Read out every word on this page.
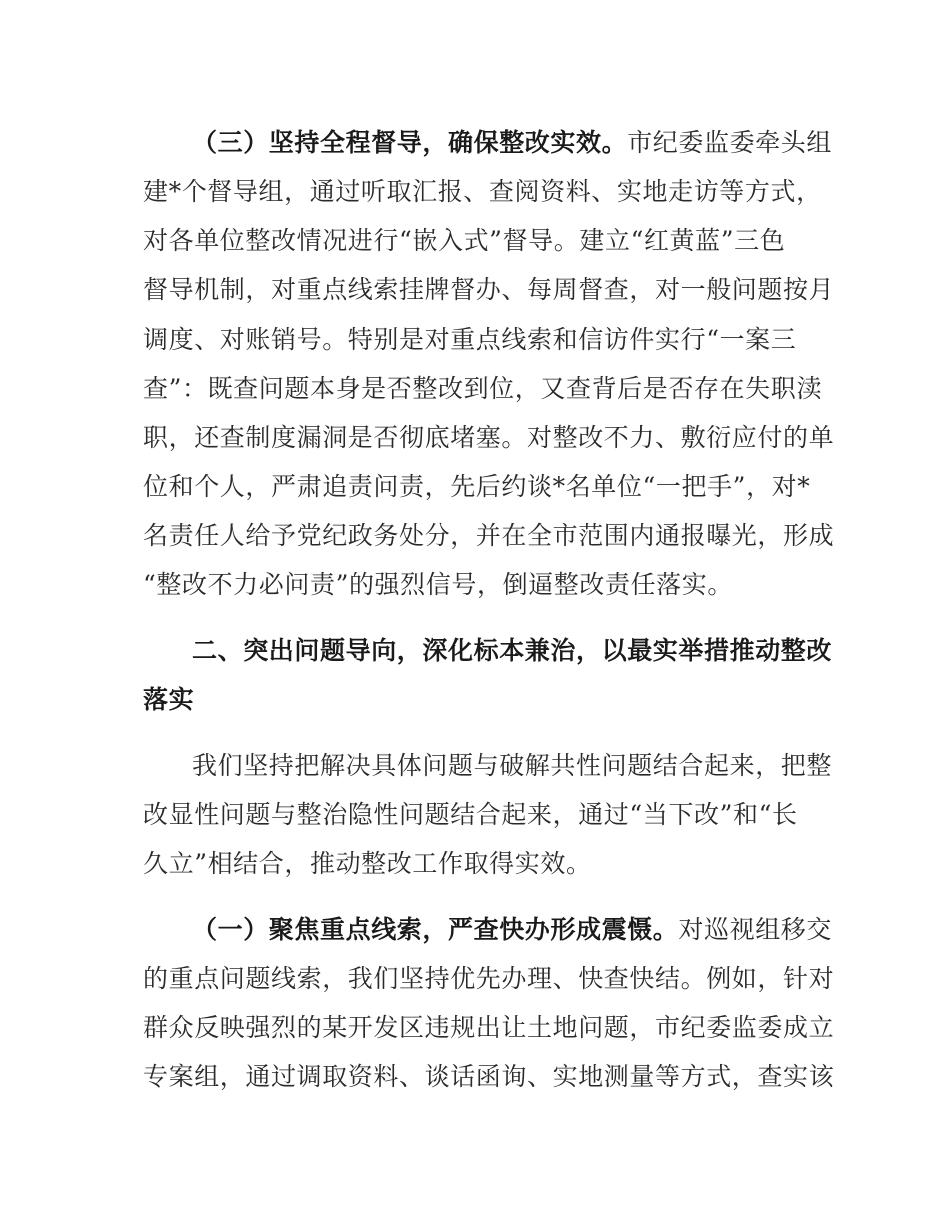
（三）坚持全程督导，确保整改实效。市纪委监委牵头组
建*个督导组，通过听取汇报、查阅资料、实地走访等方式，
对各单位整改情况进行“嵌入式”督导。建立“红黄蓝”三色
督导机制，对重点线索挂牌督办、每周督查，对一般问题按月
调度、对账销号。特别是对重点线索和信访件实行“一案三
查”：既查问题本身是否整改到位，又查背后是否存在失职渎
职，还查制度漏洞是否彻底堵塞。对整改不力、敷衍应付的单
位和个人，严肃追责问责，先后约谈*名单位“一把手”，对*
名责任人给予党纪政务处分，并在全市范围内通报曝光，形成
“整改不力必问责”的强烈信号，倒逼整改责任落实。
二、突出问题导向，深化标本兼治，以最实举措推动整改
落实
我们坚持把解决具体问题与破解共性问题结合起来，把整
改显性问题与整治隐性问题结合起来，通过“当下改”和“长
久立”相结合，推动整改工作取得实效。
（一）聚焦重点线索，严查快办形成震慑。对巡视组移交
的重点问题线索，我们坚持优先办理、快查快结。例如，针对
群众反映强烈的某开发区违规出让土地问题，市纪委监委成立
专案组，通过调取资料、谈话函询、实地测量等方式，查实该
